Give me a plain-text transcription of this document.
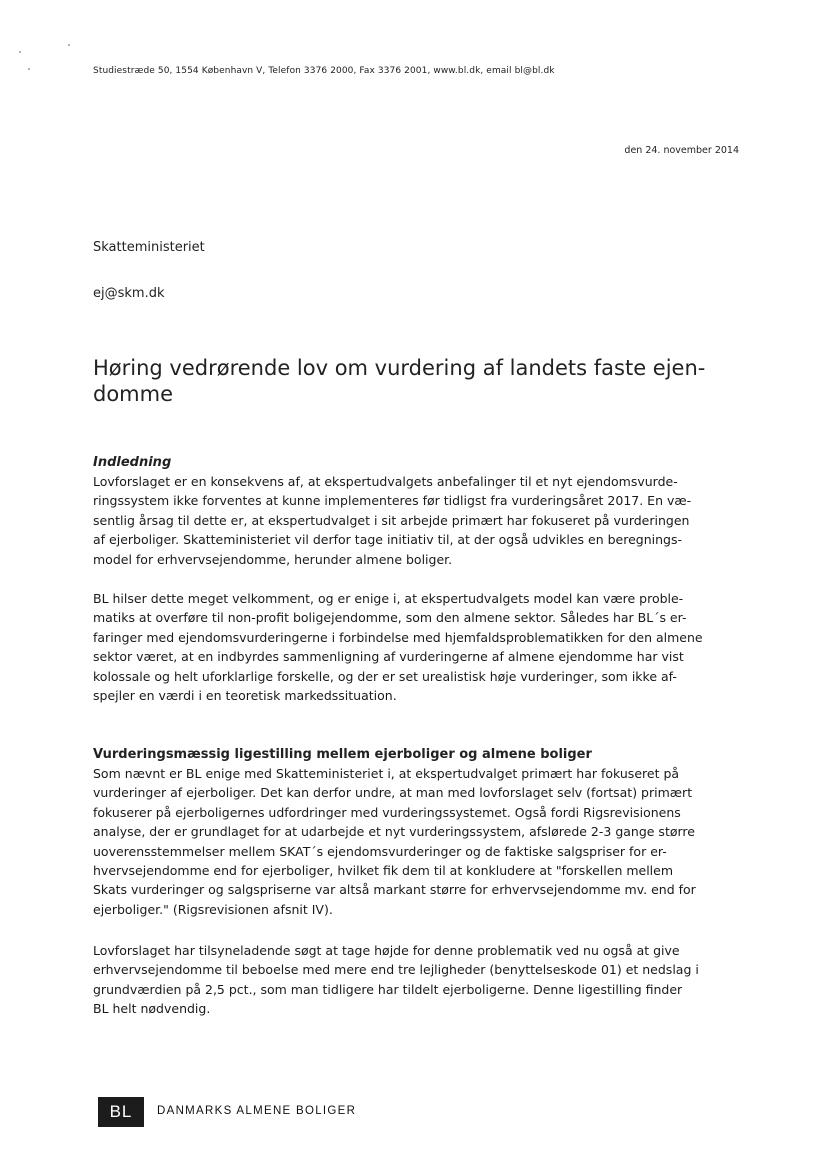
Studiestræde 50, 1554 København V, Telefon 3376 2000, Fax 3376 2001, www.bl.dk, email bl@bl.dk
den 24. november 2014
Skatteministeriet
ej@skm.dk
Høring vedrørende lov om vurdering af landets faste ejen-
domme
Indledning
Lovforslaget er en konsekvens af, at ekspertudvalgets anbefalinger til et nyt ejendomsvurde-
ringssystem ikke forventes at kunne implementeres før tidligst fra vurderingsåret 2017. En væ-
sentlig årsag til dette er, at ekspertudvalget i sit arbejde primært har fokuseret på vurderingen
af ejerboliger. Skatteministeriet vil derfor tage initiativ til, at der også udvikles en beregnings-
model for erhvervsejendomme, herunder almene boliger.
BL hilser dette meget velkomment, og er enige i, at ekspertudvalgets model kan være proble-
matiks at overføre til non-profit boligejendomme, som den almene sektor. Således har BL´s er-
faringer med ejendomsvurderingerne i forbindelse med hjemfaldsproblematikken for den almene
sektor været, at en indbyrdes sammenligning af vurderingerne af almene ejendomme har vist
kolossale og helt uforklarlige forskelle, og der er set urealistisk høje vurderinger, som ikke af-
spejler en værdi i en teoretisk markedssituation.
Vurderingsmæssig ligestilling mellem ejerboliger og almene boliger
Som nævnt er BL enige med Skatteministeriet i, at ekspertudvalget primært har fokuseret på
vurderinger af ejerboliger. Det kan derfor undre, at man med lovforslaget selv (fortsat) primært
fokuserer på ejerboligernes udfordringer med vurderingssystemet. Også fordi Rigsrevisionens
analyse, der er grundlaget for at udarbejde et nyt vurderingssystem, afslørede 2-3 gange større
uoverensstemmelser mellem SKAT´s ejendomsvurderinger og de faktiske salgspriser for er-
hvervsejendomme end for ejerboliger, hvilket fik dem til at konkludere at "forskellen mellem
Skats vurderinger og salgspriserne var altså markant større for erhvervsejendomme mv. end for
ejerboliger." (Rigsrevisionen afsnit IV).
Lovforslaget har tilsyneladende søgt at tage højde for denne problematik ved nu også at give
erhvervsejendomme til beboelse med mere end tre lejligheder (benyttelseskode 01) et nedslag i
grundværdien på 2,5 pct., som man tidligere har tildelt ejerboligerne. Denne ligestilling finder
BL helt nødvendig.
BL	DANMARKS ALMENE BOLIGER
